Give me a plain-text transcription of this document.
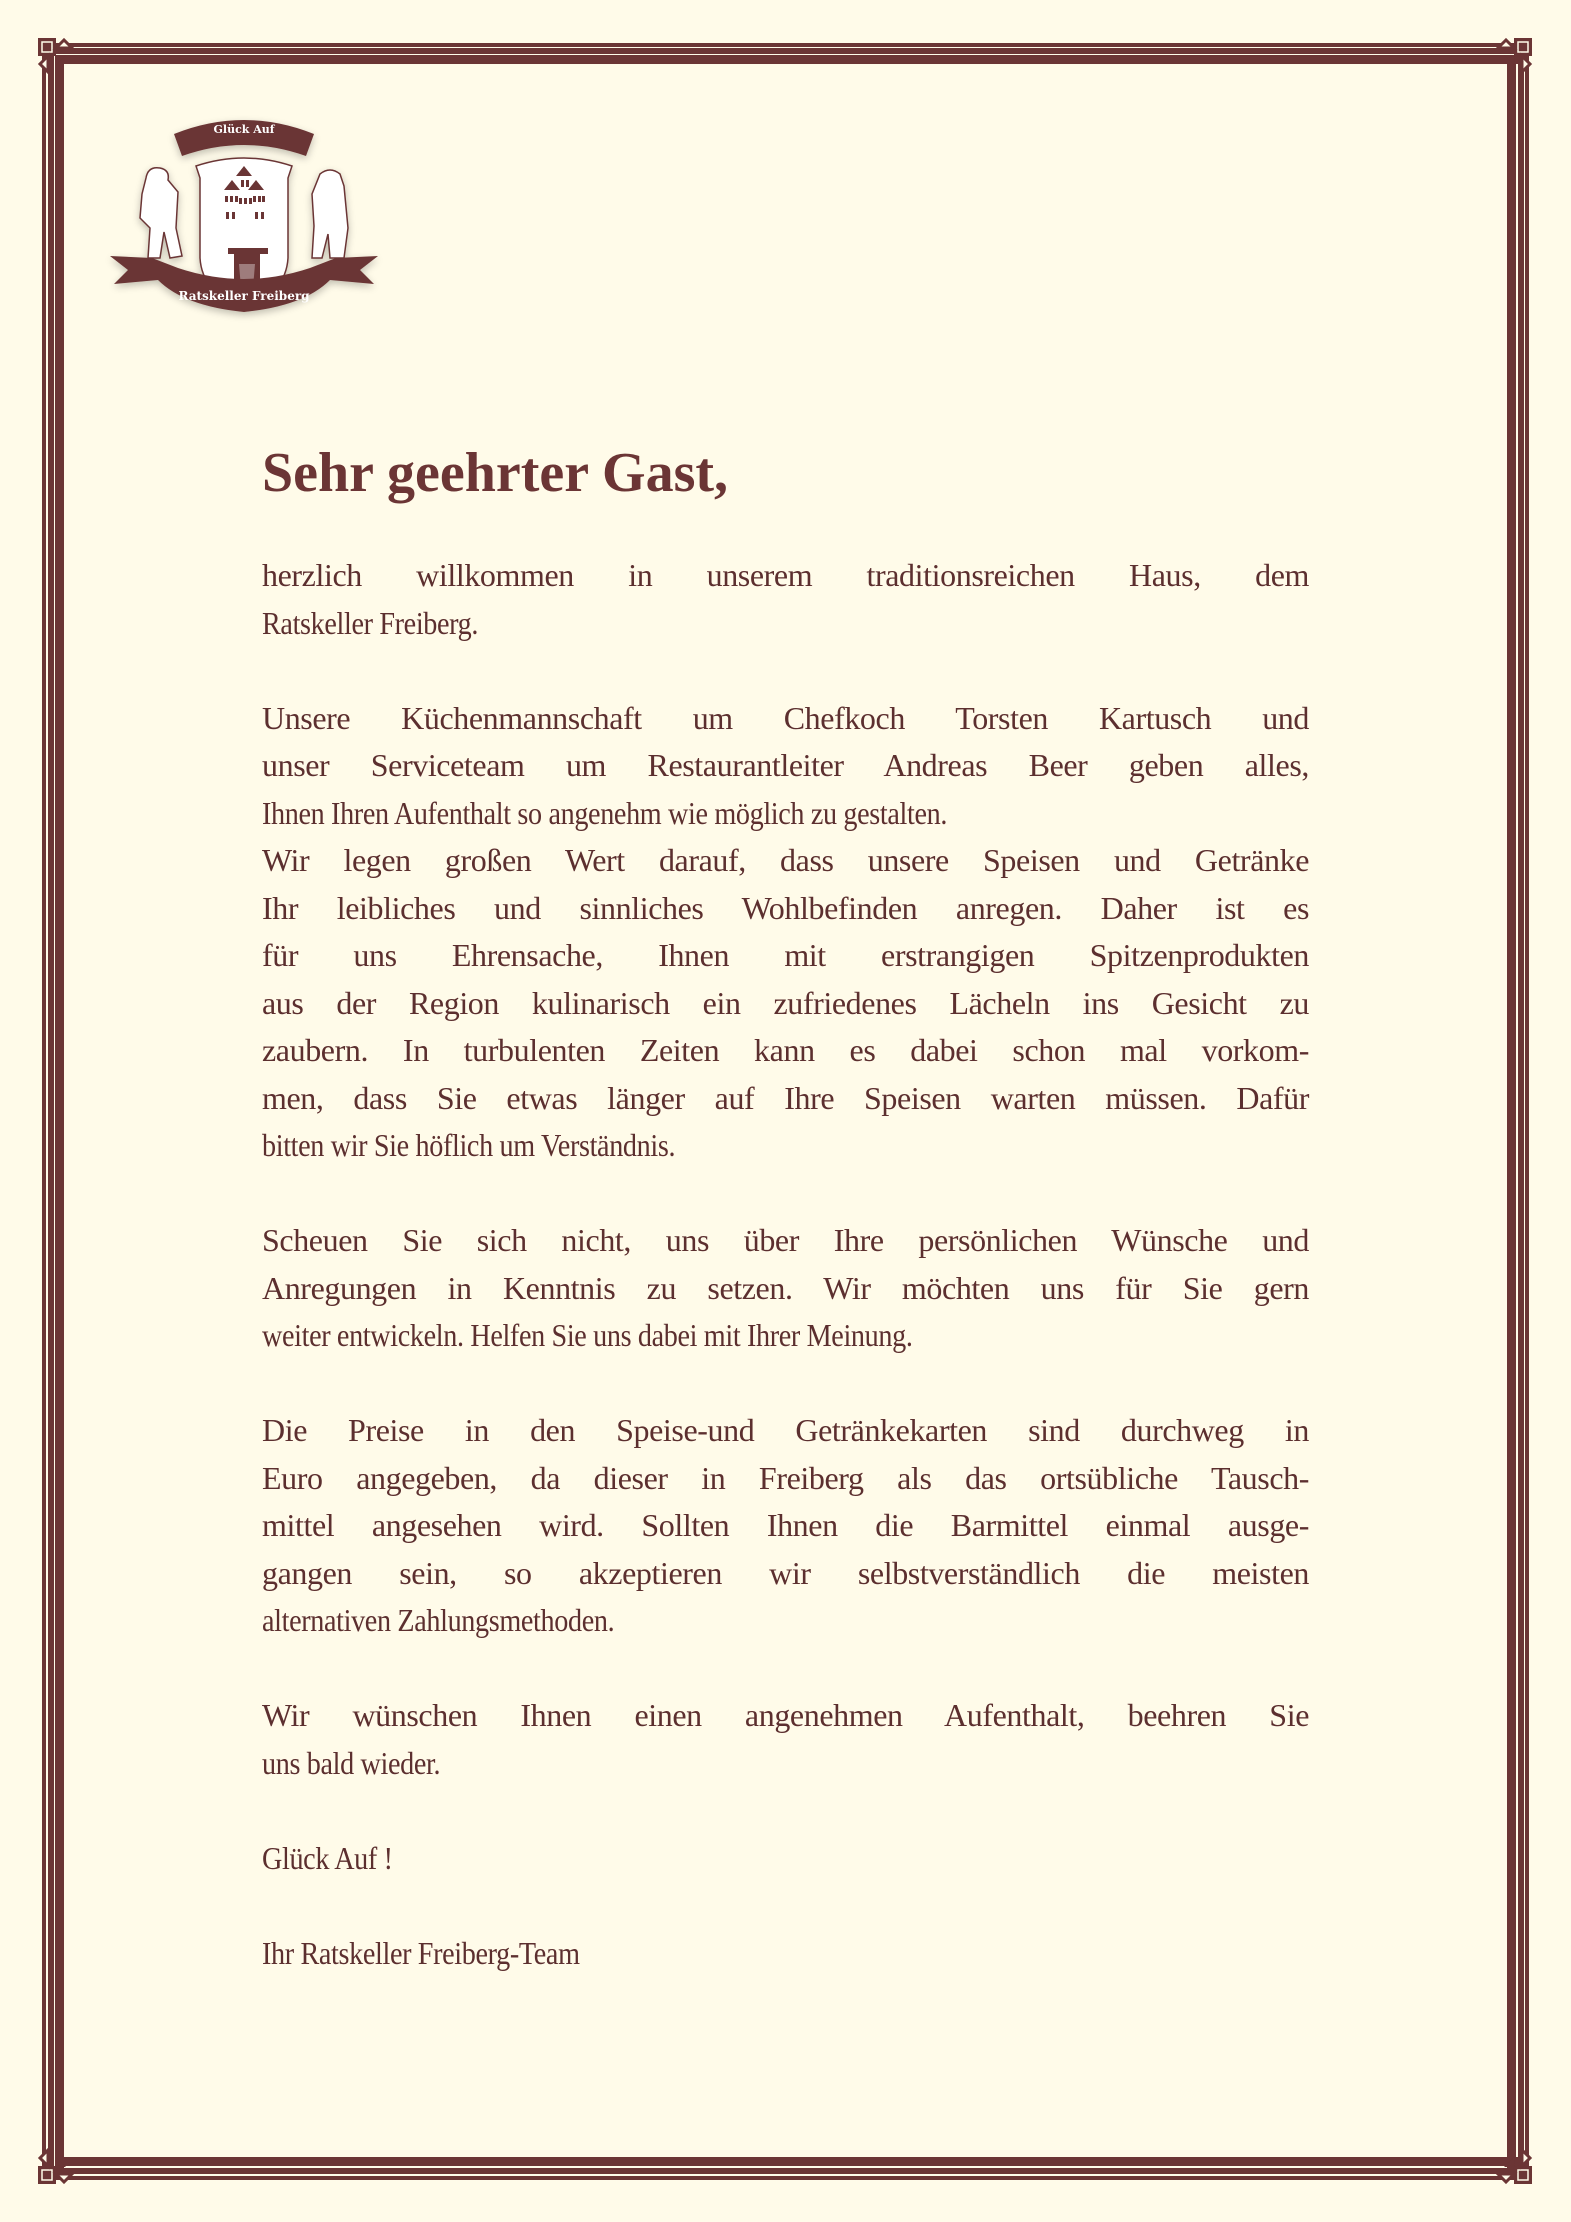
Glück Auf
Ratskeller Freiberg
Sehr geehrter Gast,

herzlich willkommen in unserem traditionsreichen Haus, dem
Ratskeller Freiberg.

Unsere Küchenmannschaft um Chefkoch Torsten Kartusch und
unser Serviceteam um Restaurantleiter Andreas Beer geben alles,
Ihnen Ihren Aufenthalt so angenehm wie möglich zu gestalten.
Wir legen großen Wert darauf, dass unsere Speisen und Getränke
Ihr leibliches und sinnliches Wohlbefinden anregen. Daher ist es
für uns Ehrensache, Ihnen mit erstrangigen Spitzenprodukten
aus der Region kulinarisch ein zufriedenes Lächeln ins Gesicht zu
zaubern. In turbulenten Zeiten kann es dabei schon mal vorkom-
men, dass Sie etwas länger auf Ihre Speisen warten müssen. Dafür
bitten wir Sie höflich um Verständnis.

Scheuen Sie sich nicht, uns über Ihre persönlichen Wünsche und
Anregungen in Kenntnis zu setzen. Wir möchten uns für Sie gern
weiter entwickeln. Helfen Sie uns dabei mit Ihrer Meinung.

Die Preise in den Speise-und Getränkekarten sind durchweg in
Euro angegeben, da dieser in Freiberg als das ortsübliche Tausch-
mittel angesehen wird. Sollten Ihnen die Barmittel einmal ausge-
gangen sein, so akzeptieren wir selbstverständlich die meisten
alternativen Zahlungsmethoden.

Wir wünschen Ihnen einen angenehmen Aufenthalt, beehren Sie
uns bald wieder.

Glück Auf !

Ihr Ratskeller Freiberg-Team
